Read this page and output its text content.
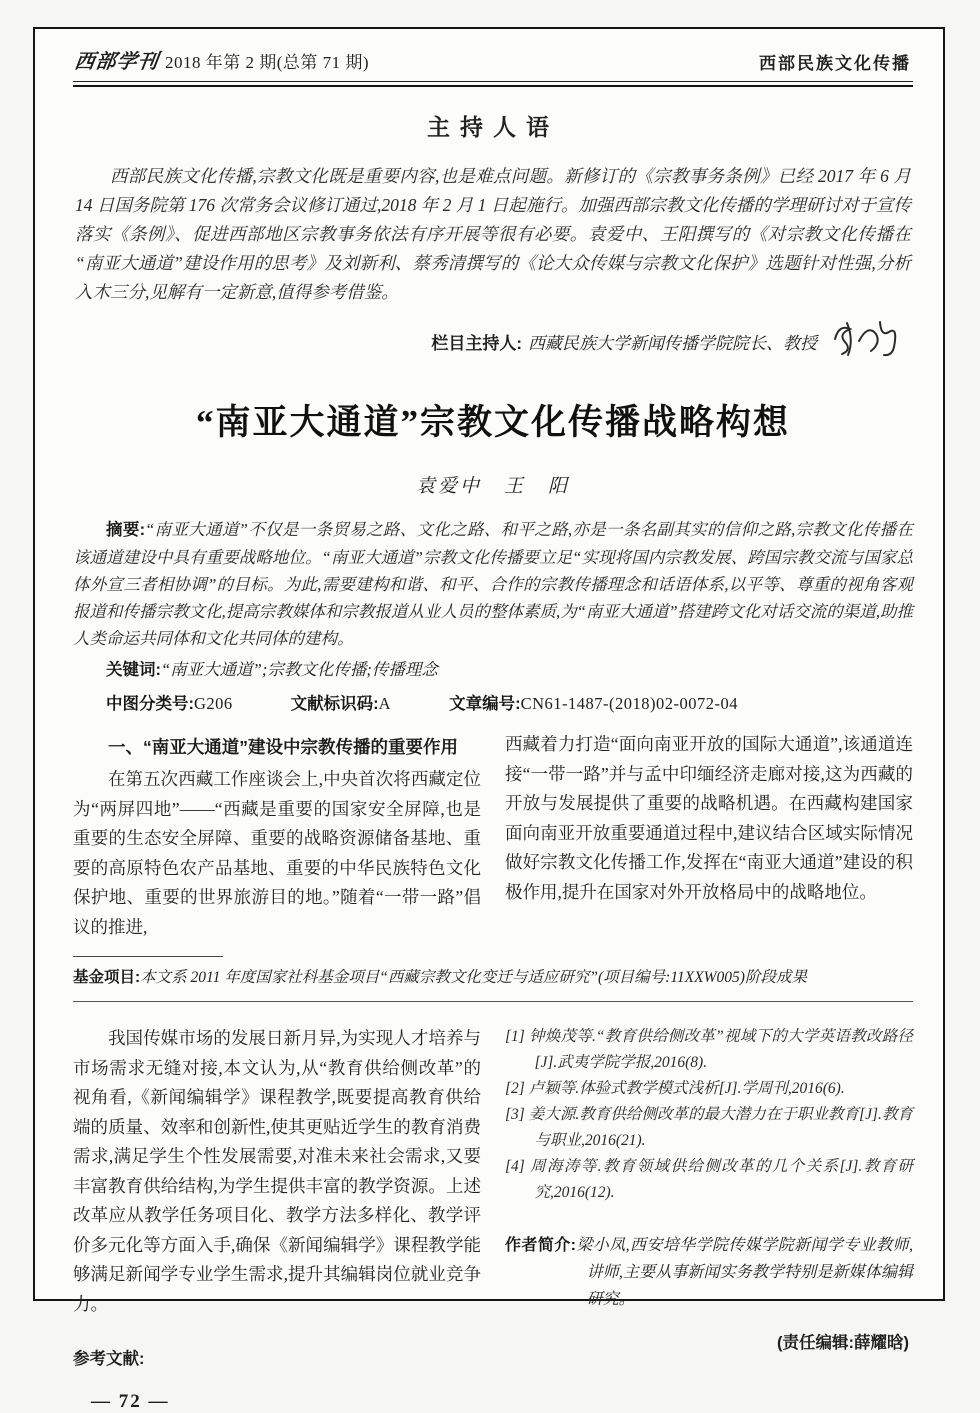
西部学刊 2018 年第 2 期(总第 71 期)	西部民族文化传播
主持人语

西部民族文化传播,宗教文化既是重要内容,也是难点问题。新修订的《宗教事务条例》已经 2017 年 6 月 14 日国务院第 176 次常务会议修订通过,2018 年 2 月 1 日起施行。加强西部宗教文化传播的学理研讨对于宣传落实《条例》、促进西部地区宗教事务依法有序开展等很有必要。袁爱中、王阳撰写的《对宗教文化传播在“南亚大通道”建设作用的思考》及刘新利、蔡秀清撰写的《论大众传媒与宗教文化保护》选题针对性强,分析入木三分,见解有一定新意,值得参考借鉴。

栏目主持人: 西藏民族大学新闻传播学院院长、教授
“南亚大通道”宗教文化传播战略构想
袁爱中　王　阳

摘要:“南亚大通道”不仅是一条贸易之路、文化之路、和平之路,亦是一条名副其实的信仰之路,宗教文化传播在该通道建设中具有重要战略地位。“南亚大通道”宗教文化传播要立足“实现将国内宗教发展、跨国宗教交流与国家总体外宣三者相协调”的目标。为此,需要建构和谐、和平、合作的宗教传播理念和话语体系,以平等、尊重的视角客观报道和传播宗教文化,提高宗教媒体和宗教报道从业人员的整体素质,为“南亚大通道”搭建跨文化对话交流的渠道,助推人类命运共同体和文化共同体的建构。

关键词:“南亚大通道”;宗教文化传播;传播理念

中图分类号:G206	文献标识码:A	文章编号:CN61-1487-(2018)02-0072-04
一、“南亚大通道”建设中宗教传播的重要作用

在第五次西藏工作座谈会上,中央首次将西藏定位为“两屏四地”——“西藏是重要的国家安全屏障,也是重要的生态安全屏障、重要的战略资源储备基地、重要的高原特色农产品基地、重要的中华民族特色文化保护地、重要的世界旅游目的地。”随着“一带一路”倡议的推进,

西藏着力打造“面向南亚开放的国际大通道”,该通道连接“一带一路”并与孟中印缅经济走廊对接,这为西藏的开放与发展提供了重要的战略机遇。在西藏构建国家面向南亚开放重要通道过程中,建议结合区域实际情况做好宗教文化传播工作,发挥在“南亚大通道”建设的积极作用,提升在国家对外开放格局中的战略地位。

基金项目:本文系 2011 年度国家社科基金项目“西藏宗教文化变迁与适应研究”(项目编号:11XXW005)阶段成果

我国传媒市场的发展日新月异,为实现人才培养与市场需求无缝对接,本文认为,从“教育供给侧改革”的视角看,《新闻编辑学》课程教学,既要提高教育供给端的质量、效率和创新性,使其更贴近学生的教育消费需求,满足学生个性发展需要,对准未来社会需求,又要丰富教育供给结构,为学生提供丰富的教学资源。上述改革应从教学任务项目化、教学方法多样化、教学评价多元化等方面入手,确保《新闻编辑学》课程教学能够满足新闻学专业学生需求,提升其编辑岗位就业竞争力。

参考文献:
— 72 —
[1] 钟焕茂等.“教育供给侧改革”视域下的大学英语教改路径[J].武夷学院学报,2016(8).
[2] 卢颖等.体验式教学模式浅析[J].学周刊,2016(6).
[3] 姜大源.教育供给侧改革的最大潜力在于职业教育[J].教育与职业,2016(21).
[4] 周海涛等.教育领域供给侧改革的几个关系[J].教育研究,2016(12).

作者简介:梁小凤,西安培华学院传媒学院新闻学专业教师,讲师,主要从事新闻实务教学特别是新媒体编辑研究。

(责任编辑:薛耀晗)
